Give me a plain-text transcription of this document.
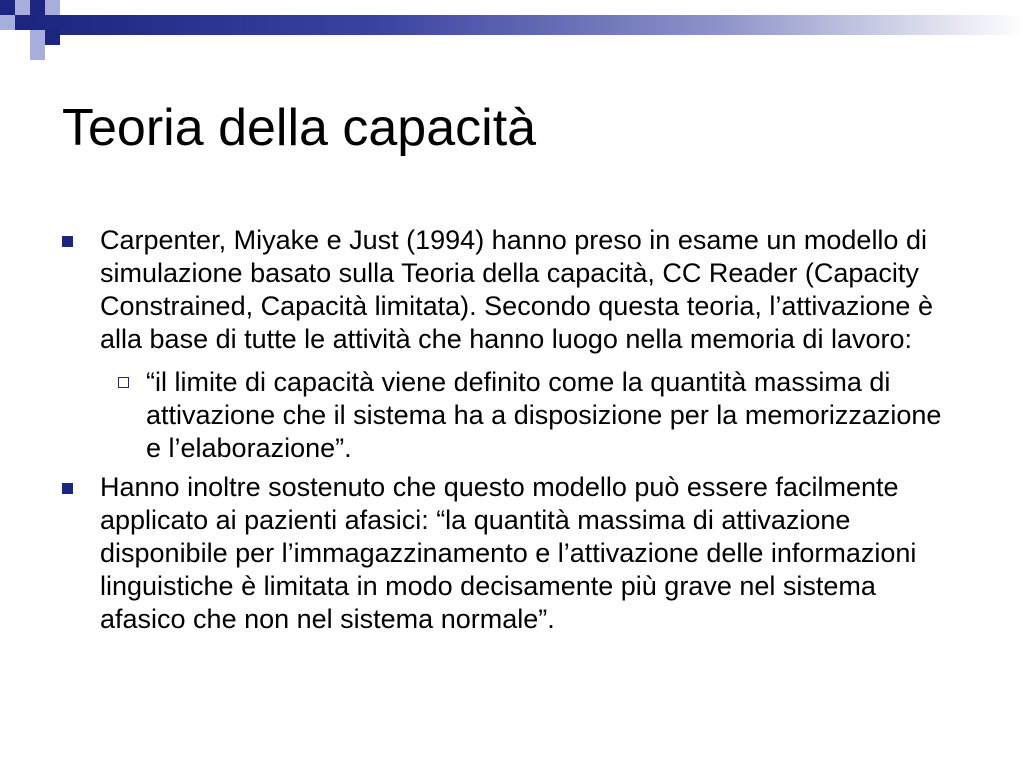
Teoria della capacità
Carpenter, Miyake e Just (1994) hanno preso in esame un modello di simulazione basato sulla Teoria della capacità, CC Reader (Capacity Constrained, Capacità limitata). Secondo questa teoria, l’attivazione è alla base di tutte le attività che hanno luogo nella memoria di lavoro:
“il limite di capacità viene definito come la quantità massima di attivazione che il sistema ha a disposizione per la memorizzazione e l’elaborazione”.
Hanno inoltre sostenuto che questo modello può essere facilmente applicato ai pazienti afasici: “la quantità massima di attivazione disponibile per l’immagazzinamento e l’attivazione delle informazioni linguistiche è limitata in modo decisamente più grave nel sistema afasico che non nel sistema normale”.
